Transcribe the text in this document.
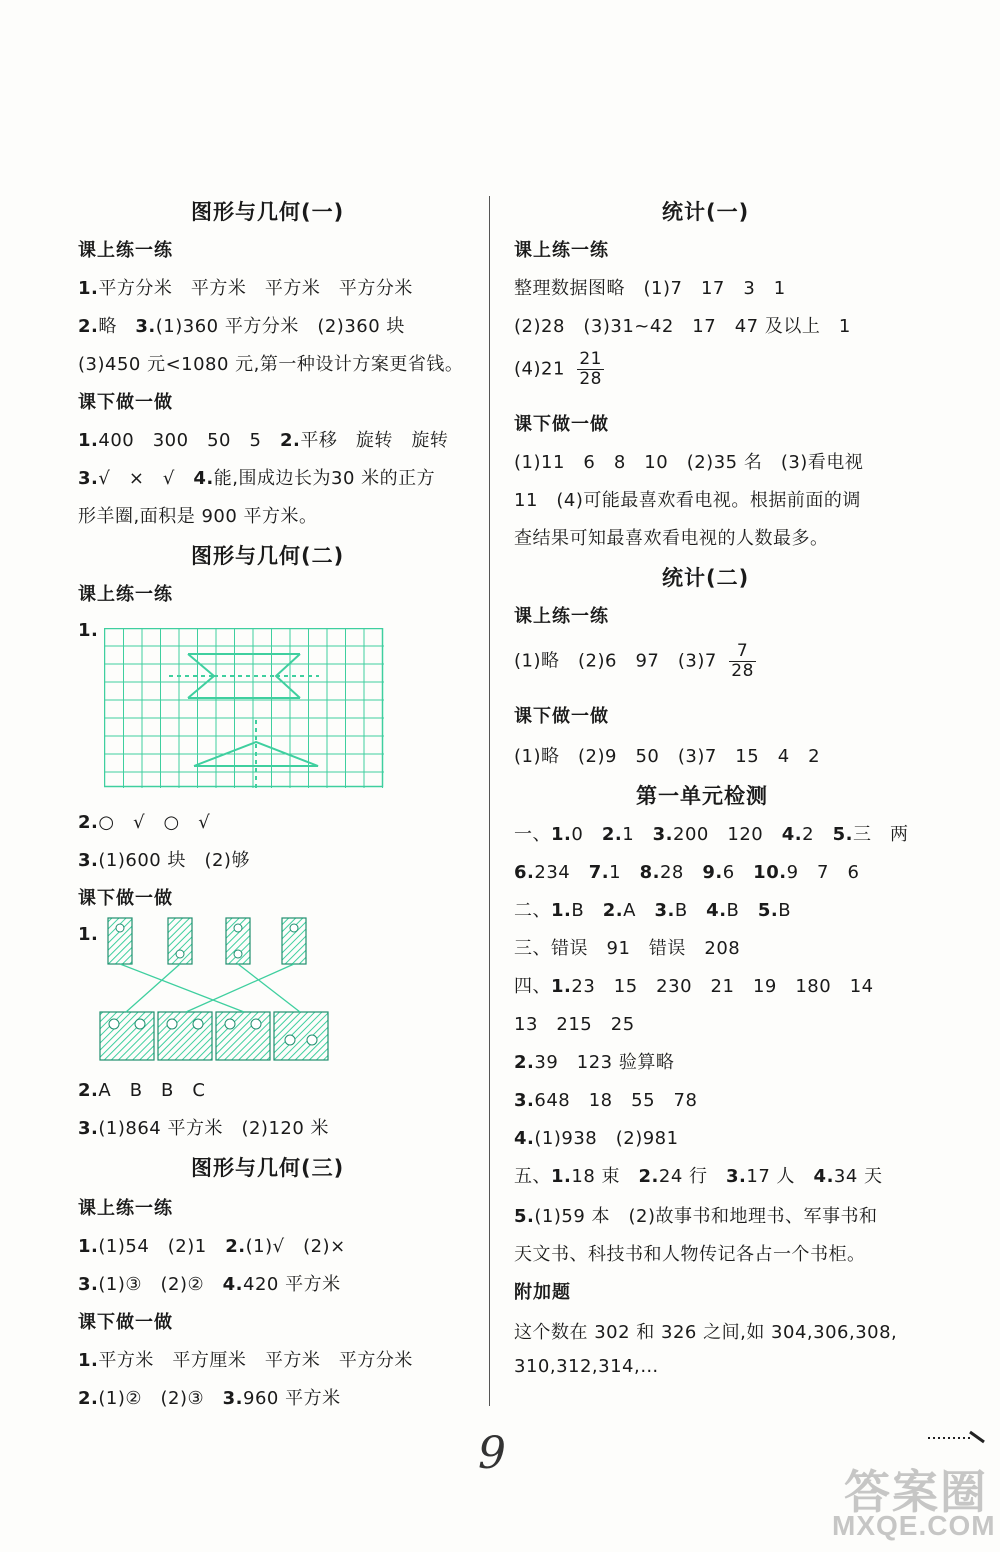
图形与几何(一)
课上练一练
1.平方分米　平方米　平方米　平方分米
2.略　3.(1)360 平方分米　(2)360 块
(3)450 元<1080 元,第一种设计方案更省钱。
课下做一做
1.400　300　50　5　2.平移　旋转　旋转
3.√　×　√　4.能,围成边长为30 米的正方
形羊圈,面积是 900 平方米。
图形与几何(二)
课上练一练
1.
2.○　√　○　√
3.(1)600 块　(2)够
课下做一做
1.
2.A　B　B　C
3.(1)864 平方米　(2)120 米
图形与几何(三)
课上练一练
1.(1)54　(2)1　2.(1)√　(2)×
3.(1)③　(2)②　4.420 平方米
课下做一做
1.平方米　平方厘米　平方米　平方分米
2.(1)②　(2)③　3.960 平方米
统计(一)
课上练一练
整理数据图略　(1)7　17　3　1
(2)28　(3)31~42　17　47 及以上　1
$(4)21 \frac{21}{28}$
课下做一做
(1)11　6　8　10　(2)35 名　(3)看电视
11　(4)可能最喜欢看电视。根据前面的调
查结果可知最喜欢看电视的人数最多。
统计(二)
课上练一练
(1)略　(2)6　97　$(3)7 \frac{7}{28}$
课下做一做
(1)略　(2)9　50　(3)7　15　4　2
第一单元检测
一、1.0　2.1　3.200　120　4.2　5.三　两
6.234　7.1　8.28　9.6　10.9　7　6
二、1.B　2.A　3.B　4.B　5.B
三、错误　91　错误　208
四、1.23　15　230　21　19　180　14
13　215　25
2.39　123 验算略
3.648　18　55　78
4.(1)938　(2)981
五、1.18 束　2.24 行　3.17 人　4.34 天
5.(1)59 本　(2)故事书和地理书、军事书和
天文书、科技书和人物传记各占一个书柜。
附加题
这个数在 302 和 326 之间,如 304,306,308,
310,312,314,…
9
答案圈
MXQE.COM
